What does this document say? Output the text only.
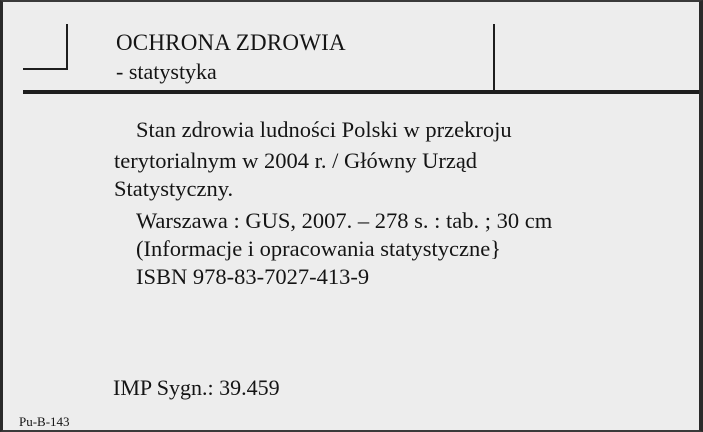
OCHRONA ZDROWIA
- statystyka
Stan zdrowia ludności Polski w przekroju
terytorialnym w 2004 r. / Główny Urząd
Statystyczny.
Warszawa : GUS, 2007. – 278 s. : tab. ; 30 cm
(Informacje i opracowania statystyczne}
ISBN 978-83-7027-413-9
IMP Sygn.: 39.459
Pu-B-143
